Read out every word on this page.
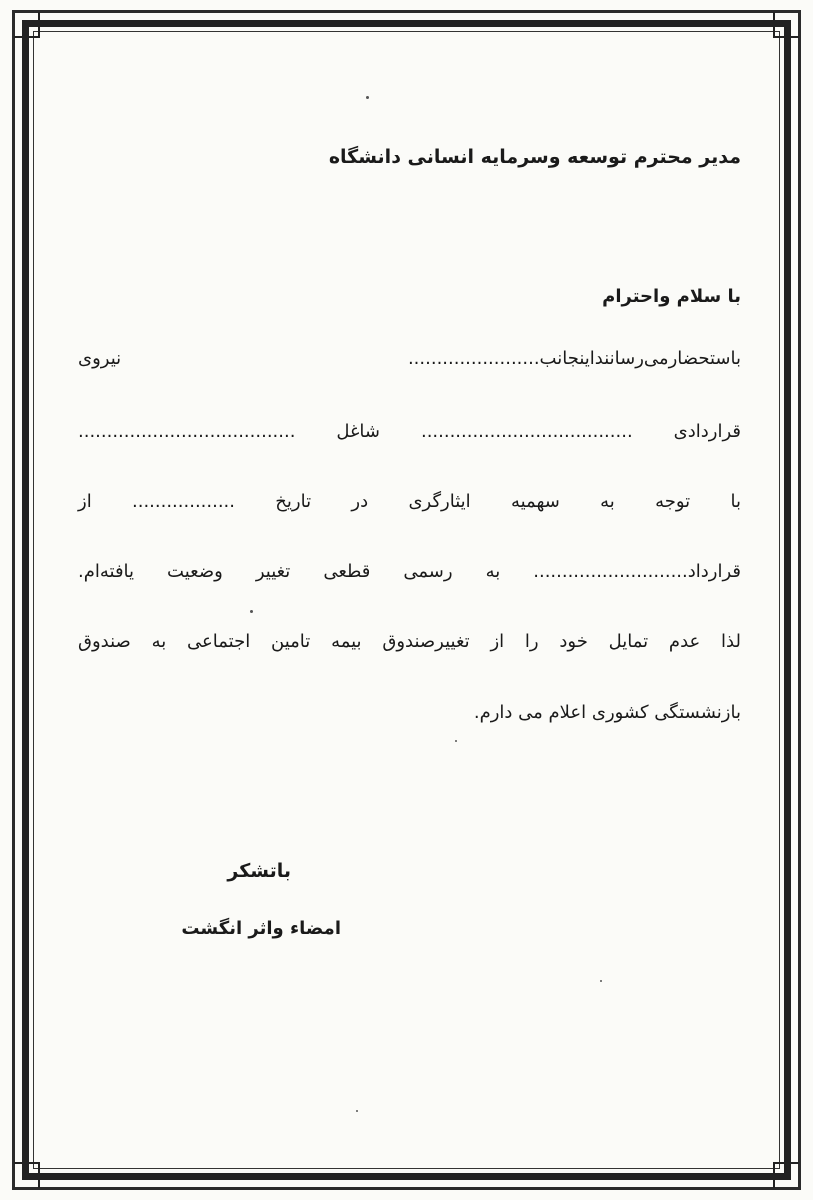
مدیر محترم توسعه وسرمایه انسانی دانشگاه
با سلام واحترام
باستحضارمی‌رساننداینجانب....................... نیروی
قراردادی ..................................... شاغل ......................................
با توجه به سهمیه ایثارگری در تاریخ .................. از
قرارداد........................... به رسمی قطعی تغییر وضعیت یافته‌ام.
لذا عدم تمایل خود را از تغییرصندوق بیمه تامین اجتماعی به صندوق
بازنشستگی کشوری اعلام می دارم.
باتشکر
امضاء واثر انگشت
